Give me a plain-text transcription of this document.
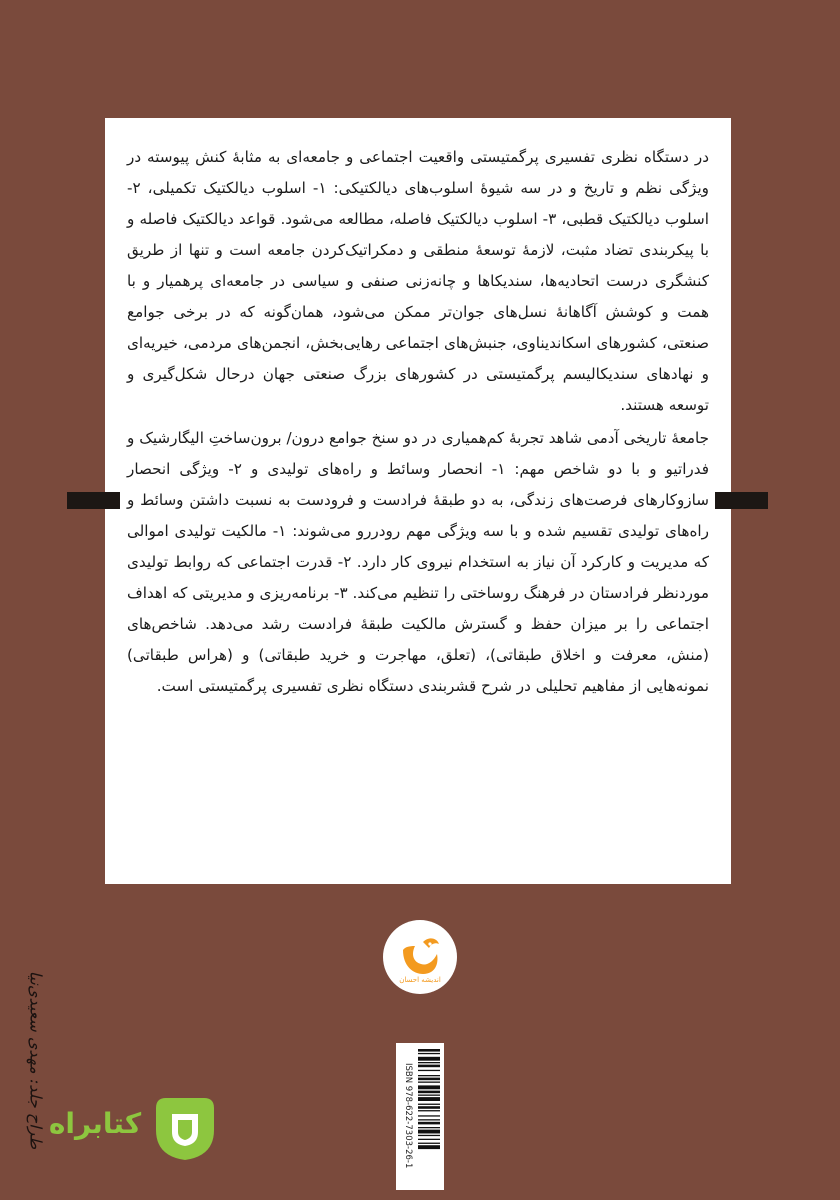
در دستگاه نظری تفسیری پرگمتیستی واقعیت اجتماعی و جامعه‌ای به مثابهٔ کنش پیوسته در ویژگی نظم و تاریخ و در سه شیوهٔ اسلوب‌های دیالکتیکی: ۱- اسلوب دیالکتیک تکمیلی، ۲- اسلوب دیالکتیک قطبی، ۳- اسلوب دیالکتیک فاصله، مطالعه می‌شود. قواعد دیالکتیک فاصله و با پیکربندی تضاد مثبت، لازمهٔ توسعهٔ منطقی و دمکراتیک‌کردن جامعه است و تنها از طریق کنشگری درست اتحادیه‌ها، سندیکاها و چانه‌زنی صنفی و سیاسی در جامعه‌ای پرهمیار و با همت و کوشش آگاهانهٔ نسل‌های جوان‌تر ممکن می‌شود، همان‌گونه که در برخی جوامع صنعتی، کشورهای اسکاندیناوی، جنبش‌های اجتماعی رهایی‌بخش، انجمن‌های مردمی، خیریه‌ای و نهادهای سندیکالیسم پرگمتیستی در کشورهای بزرگ صنعتی جهان درحال شکل‌گیری و توسعه هستند.

جامعهٔ تاریخی آدمی شاهد تجربهٔ کم‌همیاری در دو سنخ جوامع درون/ برون‌ساختِ الیگارشیک و فدراتیو و با دو شاخص مهم: ۱- انحصار وسائط و راه‌های تولیدی و ۲- ویژگی انحصار سازوکارهای فرصت‌های زندگی، به دو طبقهٔ فرادست و فرودست به نسبت داشتن وسائط و راه‌های تولیدی تقسیم شده و با سه ویژگی مهم رودررو می‌شوند: ۱- مالکیت تولیدی اموالی که مدیریت و کارکرد آن نیاز به استخدام نیروی کار دارد. ۲- قدرت اجتماعی که روابط تولیدی موردنظر فرادستان در فرهنگ روساختی را تنظیم می‌کند. ۳- برنامه‌ریزی و مدیریتی که اهداف اجتماعی را بر میزان حفظ و گسترش مالکیت طبقهٔ فرادست رشد می‌دهد. شاخص‌های (منش، معرفت و اخلاق طبقاتی)، (تعلق، مهاجرت و خرید طبقاتی) و (هراس طبقاتی) نمونه‌هایی از مفاهیم تحلیلی در شرح قشربندی دستگاه نظری تفسیری پرگمتیستی است.

اندیشه احسان
ISBN 978-622-7303-26-1
طراح جلد: مهدی سعیدی‌نیا کتابراه
